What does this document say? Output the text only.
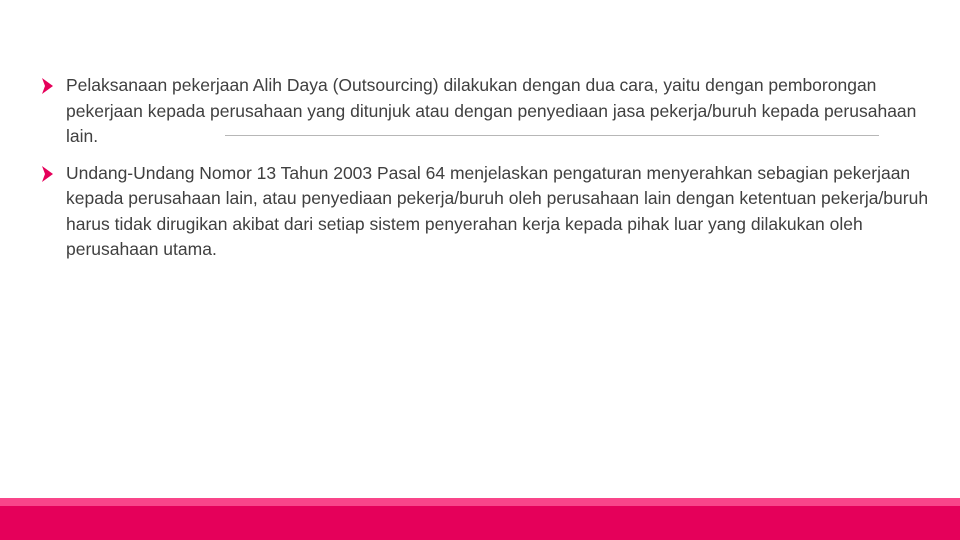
Pelaksanaan pekerjaan Alih Daya (Outsourcing) dilakukan dengan dua cara, yaitu dengan pemborongan pekerjaan kepada perusahaan yang ditunjuk atau dengan penyediaan jasa pekerja/buruh kepada perusahaan lain.
Undang-Undang Nomor 13 Tahun 2003 Pasal 64 menjelaskan pengaturan menyerahkan sebagian pekerjaan kepada perusahaan lain, atau penyediaan pekerja/buruh oleh perusahaan lain dengan ketentuan pekerja/buruh harus tidak dirugikan akibat dari setiap sistem penyerahan kerja kepada pihak luar yang dilakukan oleh perusahaan utama.
